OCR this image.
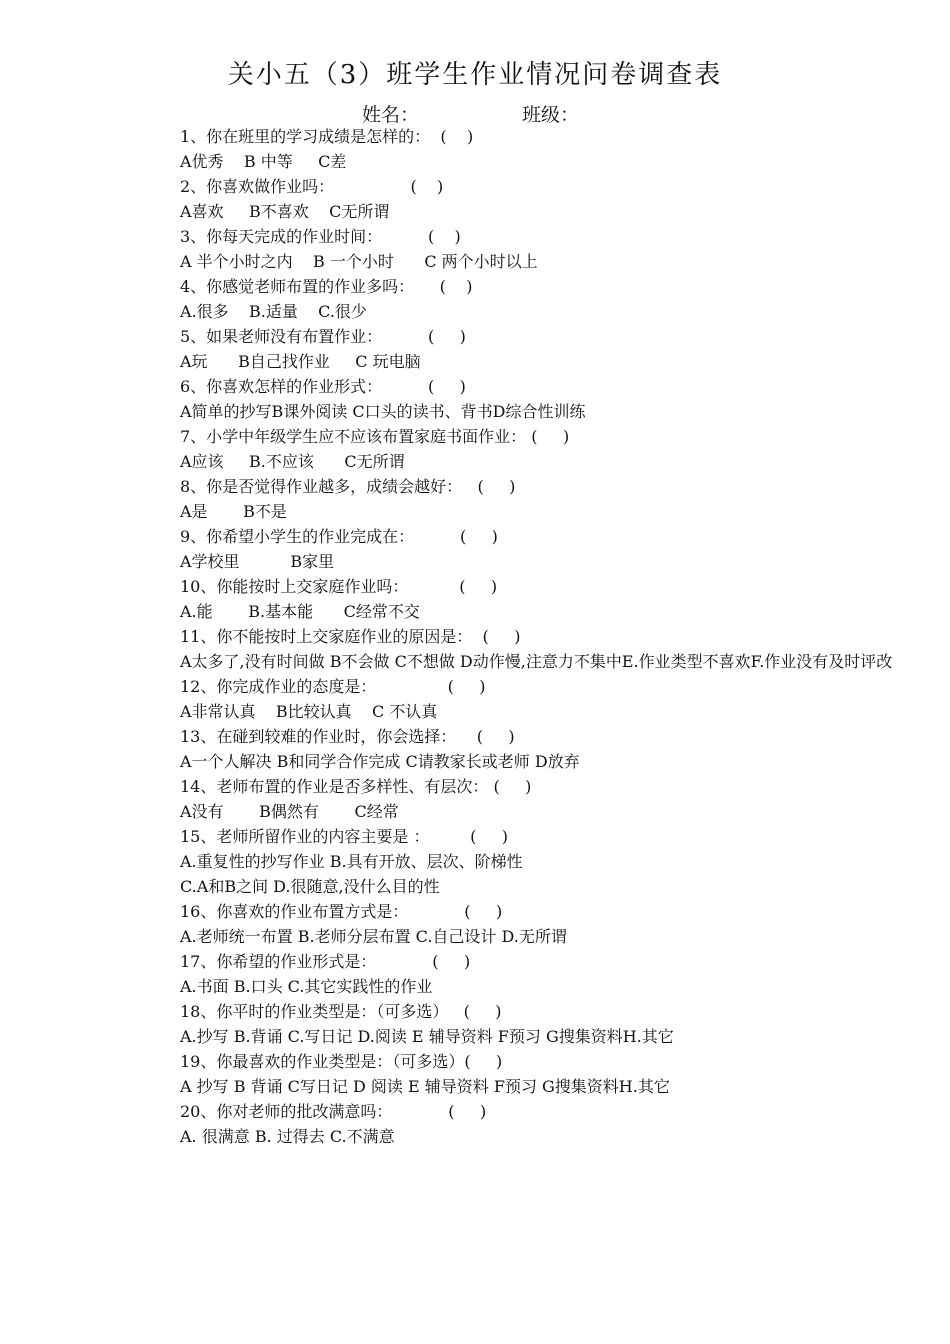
关小五（3）班学生作业情况问卷调查表
姓名：	班级：
1、你在班里的学习成绩是怎样的：  (    )
A优秀    B 中等     C差
2、你喜欢做作业吗：               (    )
A喜欢     B不喜欢    C无所谓
3、你每天完成的作业时间：         (    )
A 半个小时之内    B 一个小时      C 两个小时以上
4、你感觉老师布置的作业多吗：     (    )
A.很多    B.适量    C.很少
5、如果老师没有布置作业：         (     )
A玩      B自己找作业     C 玩电脑
6、你喜欢怎样的作业形式：         (     )
A简单的抄写B课外阅读 C口头的读书、背书D综合性训练
7、小学中年级学生应不应该布置家庭书面作业： (     )
A应该     B.不应该      C无所谓
8、你是否觉得作业越多，成绩会越好：   (     )
A是       B不是
9、你希望小学生的作业完成在：         (     )
A学校里          B家里
10、你能按时上交家庭作业吗：          (     )
A.能       B.基本能      C经常不交
11、你不能按时上交家庭作业的原因是：  (     )
A太多了,没有时间做 B不会做 C不想做 D动作慢,注意力不集中E.作业类型不喜欢F.作业没有及时评改
12、你完成作业的态度是：              (     )
A非常认真    B比较认真    C 不认真
13、在碰到较难的作业时，你会选择：    (     )
A一个人解决 B和同学合作完成 C请教家长或老师 D放弃
14、老师布置的作业是否多样性、有层次： (     )
A没有       B偶然有       C经常
15、老师所留作业的内容主要是 ：        (     )
A.重复性的抄写作业 B.具有开放、层次、阶梯性
C.A和B之间 D.很随意,没什么目的性
16、你喜欢的作业布置方式是：           (     )
A.老师统一布置 B.老师分层布置 C.自己设计 D.无所谓
17、你希望的作业形式是：           (     )
A.书面 B.口头 C.其它实践性的作业
18、你平时的作业类型是：（可多选）   (     )
A.抄写 B.背诵 C.写日记 D.阅读 E 辅导资料 F预习 G搜集资料H.其它
19、你最喜欢的作业类型是：（可多选）(     )
A 抄写 B 背诵 C写日记 D 阅读 E 辅导资料 F预习 G搜集资料H.其它
20、你对老师的批改满意吗：           (     )
A. 很满意 B. 过得去 C.不满意
